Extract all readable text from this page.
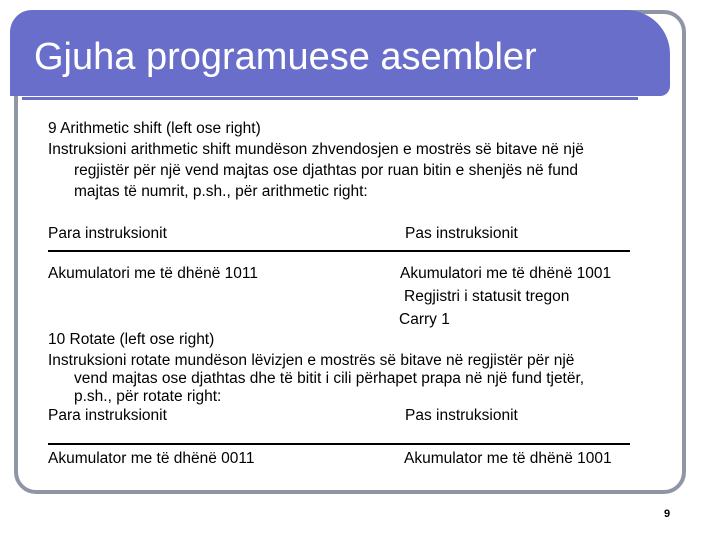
Gjuha programuese asembler
9 Arithmetic shift (left ose right)
Instruksioni arithmetic shift mundëson zhvendosjen e mostrës së bitave në një
regjistër për një vend majtas ose djathtas por ruan bitin e shenjës në fund
majtas të numrit, p.sh., për arithmetic right:
Para instruksionit	Pas instruksionit
Akumulatori me të dhënë 1011	Akumulatori me të dhënë 1001
Regjistri i statusit tregon
Carry 1
10 Rotate (left ose right)
Instruksioni rotate mundëson lëvizjen e mostrës së bitave në regjistër për një
vend majtas ose djathtas dhe të bitit i cili përhapet prapa në një fund tjetër,
p.sh., për rotate right:
Para instruksionit	Pas instruksionit
Akumulator me të dhënë 0011	Akumulator me të dhënë 1001
9
